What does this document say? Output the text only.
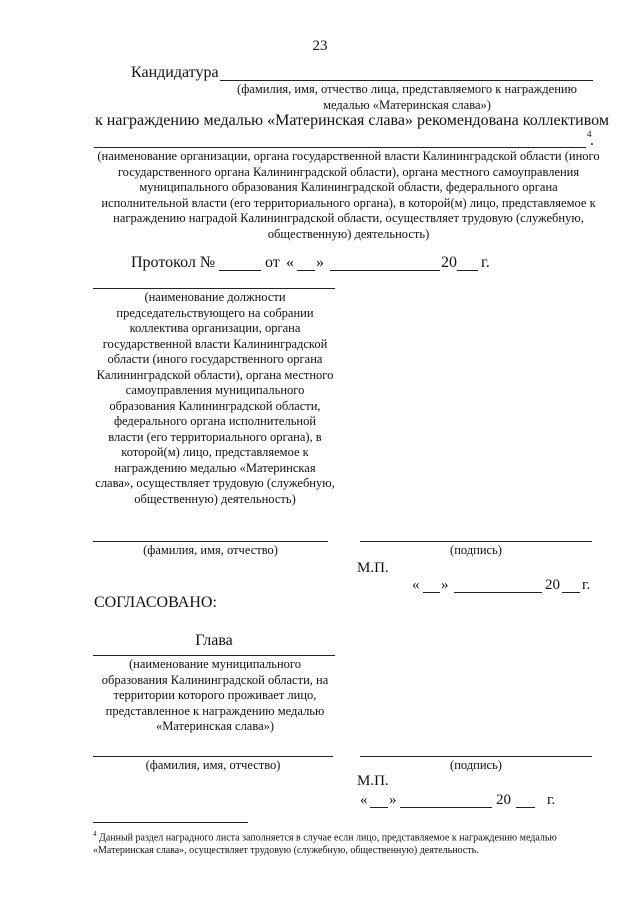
23
Кандидатура
(фамилия, имя, отчество лица, представляемого к награждению медалью «Материнская слава»)
к награждению медалью «Материнская слава» рекомендована коллективом
4
.
(наименование организации, органа государственной власти Калининградской области (иного государственного органа Калининградской области), органа местного самоуправления муниципального образования Калининградской области, федерального органа исполнительной власти (его территориального органа), в которой(м) лицо, представляемое к награждению наградой Калининградской области, осуществляет трудовую (служебную, общественную) деятельность)
Протокол №	от « »	20 г.
(наименование должности председательствующего на собрании коллектива организации, органа государственной власти Калининградской области (иного государственного органа Калининградской области), органа местного самоуправления муниципального образования Калининградской области, федерального органа исполнительной власти (его территориального органа), в которой(м) лицо, представляемое к награждению медалью «Материнская слава», осуществляет трудовую (служебную, общественную) деятельность)
(фамилия, имя, отчество)	(подпись)
М.П.
« »	20 г.
СОГЛАСОВАНО:
Глава
(наименование муниципального образования Калининградской области, на территории которого проживает лицо, представленное к награждению медалью «Материнская слава»)
(фамилия, имя, отчество)	(подпись)
М.П.
« »	20 г.
$^4$ Данный раздел наградного листа заполняется в случае если лицо, представляемое к награждению медалью «Материнская слава», осуществляет трудовую (служебную, общественную) деятельность.
